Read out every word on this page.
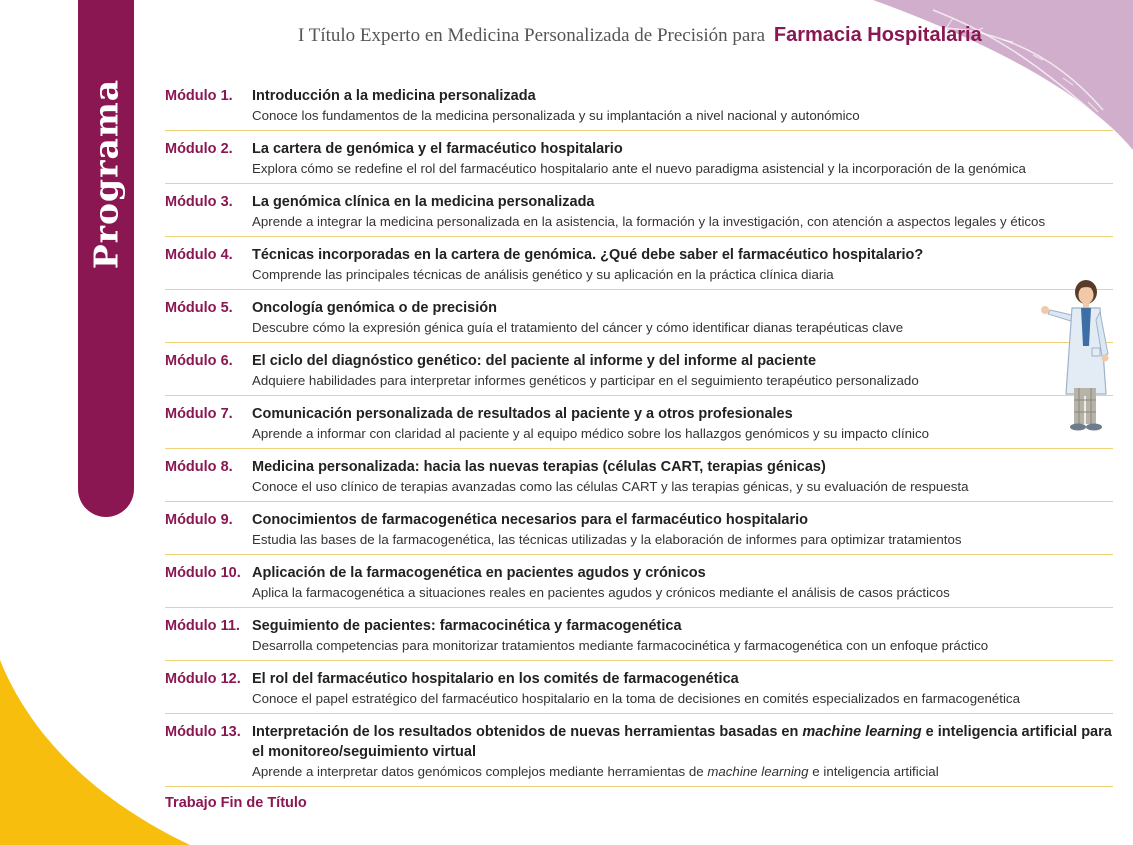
Programa
I Título Experto en Medicina Personalizada de Precisión para Farmacia Hospitalaria
Módulo 1.	Introducción a la medicina personalizada
Conoce los fundamentos de la medicina personalizada y su implantación a nivel nacional y autonómico
Módulo 2.	La cartera de genómica y el farmacéutico hospitalario
Explora cómo se redefine el rol del farmacéutico hospitalario ante el nuevo paradigma asistencial y la incorporación de la genómica
Módulo 3.	La genómica clínica en la medicina personalizada
Aprende a integrar la medicina personalizada en la asistencia, la formación y la investigación, con atención a aspectos legales y éticos
Módulo 4.	Técnicas incorporadas en la cartera de genómica. ¿Qué debe saber el farmacéutico hospitalario?
Comprende las principales técnicas de análisis genético y su aplicación en la práctica clínica diaria
Módulo 5.	Oncología genómica o de precisión
Descubre cómo la expresión génica guía el tratamiento del cáncer y cómo identificar dianas terapéuticas clave
Módulo 6.	El ciclo del diagnóstico genético: del paciente al informe y del informe al paciente
Adquiere habilidades para interpretar informes genéticos y participar en el seguimiento terapéutico personalizado
Módulo 7.	Comunicación personalizada de resultados al paciente y a otros profesionales
Aprende a informar con claridad al paciente y al equipo médico sobre los hallazgos genómicos y su impacto clínico
Módulo 8.	Medicina personalizada: hacia las nuevas terapias (células CART, terapias génicas)
Conoce el uso clínico de terapias avanzadas como las células CART y las terapias génicas, y su evaluación de respuesta
Módulo 9.	Conocimientos de farmacogenética necesarios para el farmacéutico hospitalario
Estudia las bases de la farmacogenética, las técnicas utilizadas y la elaboración de informes para optimizar tratamientos
Módulo 10. Aplicación de la farmacogenética en pacientes agudos y crónicos
Aplica la farmacogenética a situaciones reales en pacientes agudos y crónicos mediante el análisis de casos prácticos
Módulo 11. Seguimiento de pacientes: farmacocinética y farmacogenética
Desarrolla competencias para monitorizar tratamientos mediante farmacocinética y farmacogenética con un enfoque práctico
Módulo 12. El rol del farmacéutico hospitalario en los comités de farmacogenética
Conoce el papel estratégico del farmacéutico hospitalario en la toma de decisiones en comités especializados en farmacogenética
Módulo 13. Interpretación de los resultados obtenidos de nuevas herramientas basadas en machine learning e inteligencia artificial para el monitoreo/seguimiento virtual
Aprende a interpretar datos genómicos complejos mediante herramientas de machine learning e inteligencia artificial
Trabajo Fin de Título
